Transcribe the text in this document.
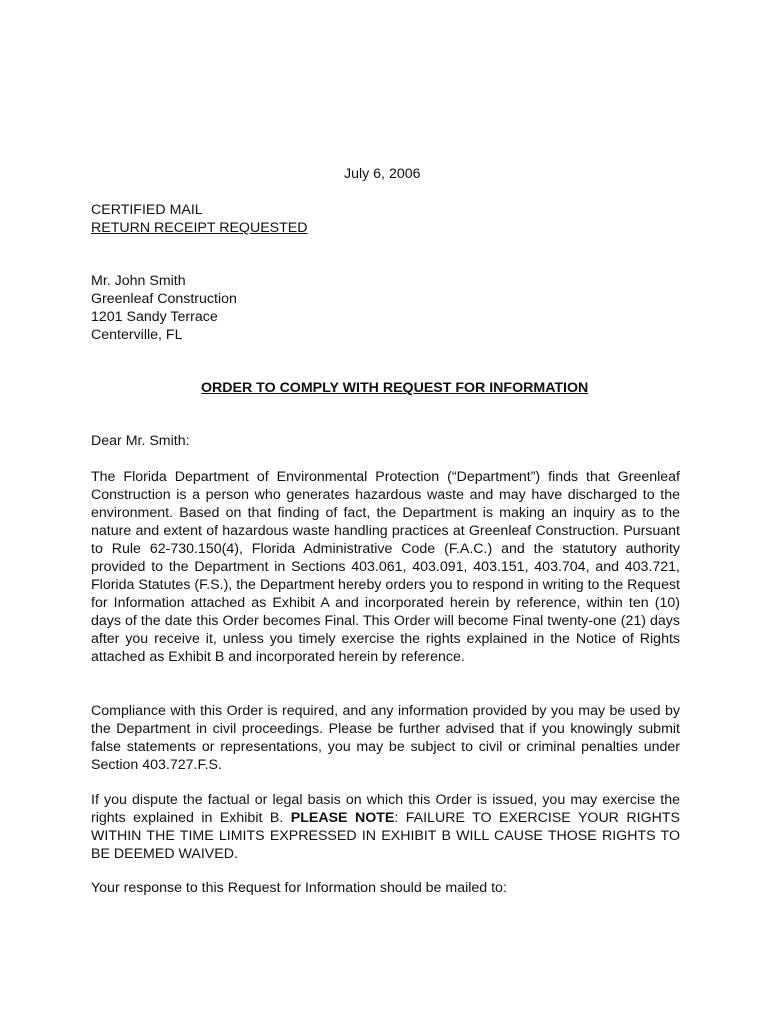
July 6, 2006
CERTIFIED MAIL
RETURN RECEIPT REQUESTED
Mr. John Smith
Greenleaf Construction
1201 Sandy Terrace
Centerville, FL
ORDER TO COMPLY WITH REQUEST FOR INFORMATION
Dear Mr. Smith:

The Florida Department of Environmental Protection (“Department”) finds that Greenleaf Construction is a person who generates hazardous waste and may have discharged to the environment. Based on that finding of fact, the Department is making an inquiry as to the nature and extent of hazardous waste handling practices at Greenleaf Construction. Pursuant to Rule 62-730.150(4), Florida Administrative Code (F.A.C.) and the statutory authority provided to the Department in Sections 403.061, 403.091, 403.151, 403.704, and 403.721, Florida Statutes (F.S.), the Department hereby orders you to respond in writing to the Request for Information attached as Exhibit A and incorporated herein by reference, within ten (10) days of the date this Order becomes Final. This Order will become Final twenty-one (21) days after you receive it, unless you timely exercise the rights explained in the Notice of Rights attached as Exhibit B and incorporated herein by reference.

Compliance with this Order is required, and any information provided by you may be used by the Department in civil proceedings. Please be further advised that if you knowingly submit false statements or representations, you may be subject to civil or criminal penalties under Section 403.727.F.S.

If you dispute the factual or legal basis on which this Order is issued, you may exercise the rights explained in Exhibit B. PLEASE NOTE: FAILURE TO EXERCISE YOUR RIGHTS WITHIN THE TIME LIMITS EXPRESSED IN EXHIBIT B WILL CAUSE THOSE RIGHTS TO BE DEEMED WAIVED.

Your response to this Request for Information should be mailed to:
